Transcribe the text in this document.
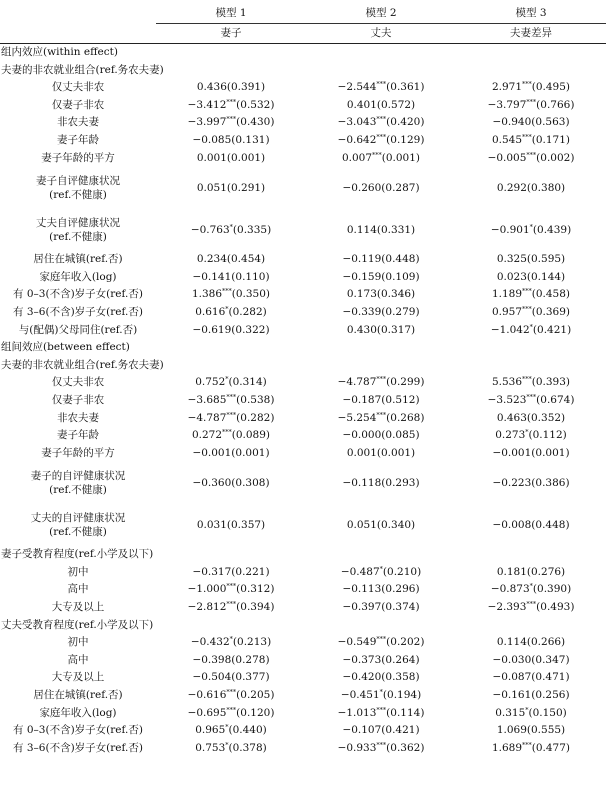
	模型 1	模型 2	模型 3
	妻子	丈夫	夫妻差异
组内效应(within effect)			
夫妻的非农就业组合(ref.务农夫妻)			
仅丈夫非农	0.436(0.391)	−2.544***(0.361)	2.971***(0.495)
仅妻子非农	−3.412***(0.532)	0.401(0.572)	−3.797***(0.766)
非农夫妻	−3.997***(0.430)	−3.043***(0.420)	−0.940(0.563)
妻子年龄	−0.085(0.131)	−0.642***(0.129)	0.545***(0.171)
妻子年龄的平方	0.001(0.001)	0.007***(0.001)	−0.005***(0.002)

妻子自评健康状况
(ref.不健康)	0.051(0.291)	−0.260(0.287)	0.292(0.380)

丈夫自评健康状况
(ref.不健康)	−0.763*(0.335)	0.114(0.331)	−0.901*(0.439)
居住在城镇(ref.否)	0.234(0.454)	−0.119(0.448)	0.325(0.595)
家庭年收入(log)	−0.141(0.110)	−0.159(0.109)	0.023(0.144)
有 0–3(不含)岁子女(ref.否)	1.386***(0.350)	0.173(0.346)	1.189***(0.458)
有 3–6(不含)岁子女(ref.否)	0.616*(0.282)	−0.339(0.279)	0.957***(0.369)
与(配偶)父母同住(ref.否)	−0.619(0.322)	0.430(0.317)	−1.042*(0.421)
组间效应(between effect)			
夫妻的非农就业组合(ref.务农夫妻)			
仅丈夫非农	0.752*(0.314)	−4.787***(0.299)	5.536***(0.393)
仅妻子非农	−3.685***(0.538)	−0.187(0.512)	−3.523***(0.674)
非农夫妻	−4.787***(0.282)	−5.254***(0.268)	0.463(0.352)
妻子年龄	0.272***(0.089)	−0.000(0.085)	0.273*(0.112)
妻子年龄的平方	−0.001(0.001)	0.001(0.001)	−0.001(0.001)

妻子的自评健康状况
(ref.不健康)	−0.360(0.308)	−0.118(0.293)	−0.223(0.386)

丈夫的自评健康状况
(ref.不健康)	0.031(0.357)	0.051(0.340)	−0.008(0.448)
妻子受教育程度(ref.小学及以下)			
初中	−0.317(0.221)	−0.487*(0.210)	0.181(0.276)
高中	−1.000***(0.312)	−0.113(0.296)	−0.873*(0.390)
大专及以上	−2.812***(0.394)	−0.397(0.374)	−2.393***(0.493)
丈夫受教育程度(ref.小学及以下)			
初中	−0.432*(0.213)	−0.549***(0.202)	0.114(0.266)
高中	−0.398(0.278)	−0.373(0.264)	−0.030(0.347)
大专及以上	−0.504(0.377)	−0.420(0.358)	−0.087(0.471)
居住在城镇(ref.否)	−0.616***(0.205)	−0.451*(0.194)	−0.161(0.256)
家庭年收入(log)	−0.695***(0.120)	−1.013***(0.114)	0.315*(0.150)
有 0–3(不含)岁子女(ref.否)	0.965*(0.440)	−0.107(0.421)	1.069(0.555)
有 3–6(不含)岁子女(ref.否)	0.753*(0.378)	−0.933***(0.362)	1.689***(0.477)
